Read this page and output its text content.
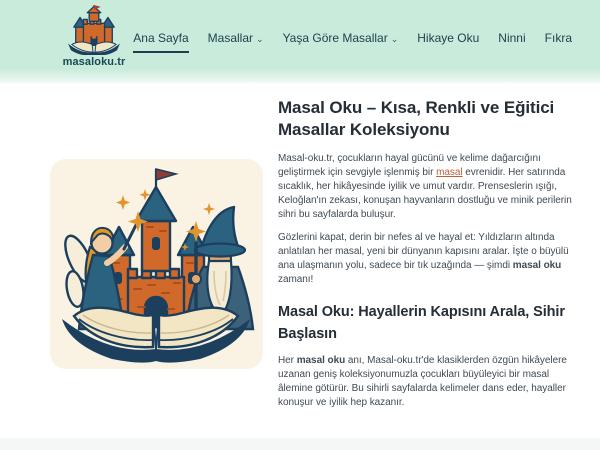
masaloku.tr
Ana Sayfa Masallar ⌄ Yaşa Göre Masallar ⌄ Hikaye Oku Ninni Fıkra
Masal Oku – Kısa, Renkli ve Eğitici Masallar Koleksiyonu

Masal-oku.tr, çocukların hayal gücünü ve kelime dağarcığını geliştirmek için sevgiyle işlenmiş bir masal evrenidir. Her satırında sıcaklık, her hikâyesinde iyilik ve umut vardır. Prenseslerin ışığı, Keloğlan'ın zekası, konuşan hayvanların dostluğu ve minik perilerin sihri bu sayfalarda buluşur.

Gözlerini kapat, derin bir nefes al ve hayal et: Yıldızların altında anlatılan her masal, yeni bir dünyanın kapısını aralar. İşte o büyülü ana ulaşmanın yolu, sadece bir tık uzağında — şimdi masal oku zamanı!

Masal Oku: Hayallerin Kapısını Arala, Sihir Başlasın

Her masal oku anı, Masal-oku.tr'de klasiklerden özgün hikâyelere uzanan geniş koleksiyonumuzla çocukları büyüleyici bir masal âlemine götürür. Bu sihirli sayfalarda kelimeler dans eder, hayaller konuşur ve iyilik hep kazanır.
